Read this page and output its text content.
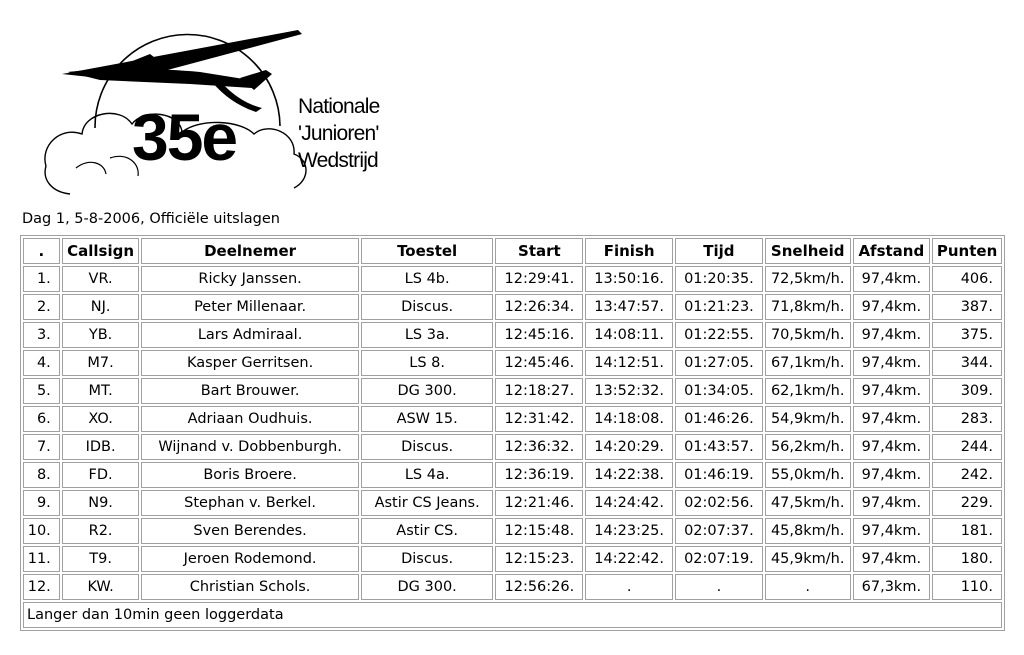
35e	Nationale
'Junioren'
Wedstrijd
Dag 1, 5-8-2006, Officiële uitslagen
.	Callsign	Deelnemer	Toestel	Start	Finish	Tijd	Snelheid	Afstand	Punten
1.	VR.	Ricky Janssen.	LS 4b.	12:29:41.	13:50:16.	01:20:35.	72,5km/h.	97,4km.	406.
2.	NJ.	Peter Millenaar.	Discus.	12:26:34.	13:47:57.	01:21:23.	71,8km/h.	97,4km.	387.
3.	YB.	Lars Admiraal.	LS 3a.	12:45:16.	14:08:11.	01:22:55.	70,5km/h.	97,4km.	375.
4.	M7.	Kasper Gerritsen.	LS 8.	12:45:46.	14:12:51.	01:27:05.	67,1km/h.	97,4km.	344.
5.	MT.	Bart Brouwer.	DG 300.	12:18:27.	13:52:32.	01:34:05.	62,1km/h.	97,4km.	309.
6.	XO.	Adriaan Oudhuis.	ASW 15.	12:31:42.	14:18:08.	01:46:26.	54,9km/h.	97,4km.	283.
7.	IDB.	Wijnand v. Dobbenburgh.	Discus.	12:36:32.	14:20:29.	01:43:57.	56,2km/h.	97,4km.	244.
8.	FD.	Boris Broere.	LS 4a.	12:36:19.	14:22:38.	01:46:19.	55,0km/h.	97,4km.	242.
9.	N9.	Stephan v. Berkel.	Astir CS Jeans.	12:21:46.	14:24:42.	02:02:56.	47,5km/h.	97,4km.	229.
10.	R2.	Sven Berendes.	Astir CS.	12:15:48.	14:23:25.	02:07:37.	45,8km/h.	97,4km.	181.
11.	T9.	Jeroen Rodemond.	Discus.	12:15:23.	14:22:42.	02:07:19.	45,9km/h.	97,4km.	180.
12.	KW.	Christian Schols.	DG 300.	12:56:26.	.	.	.	67,3km.	110.
Langer dan 10min geen loggerdata									
